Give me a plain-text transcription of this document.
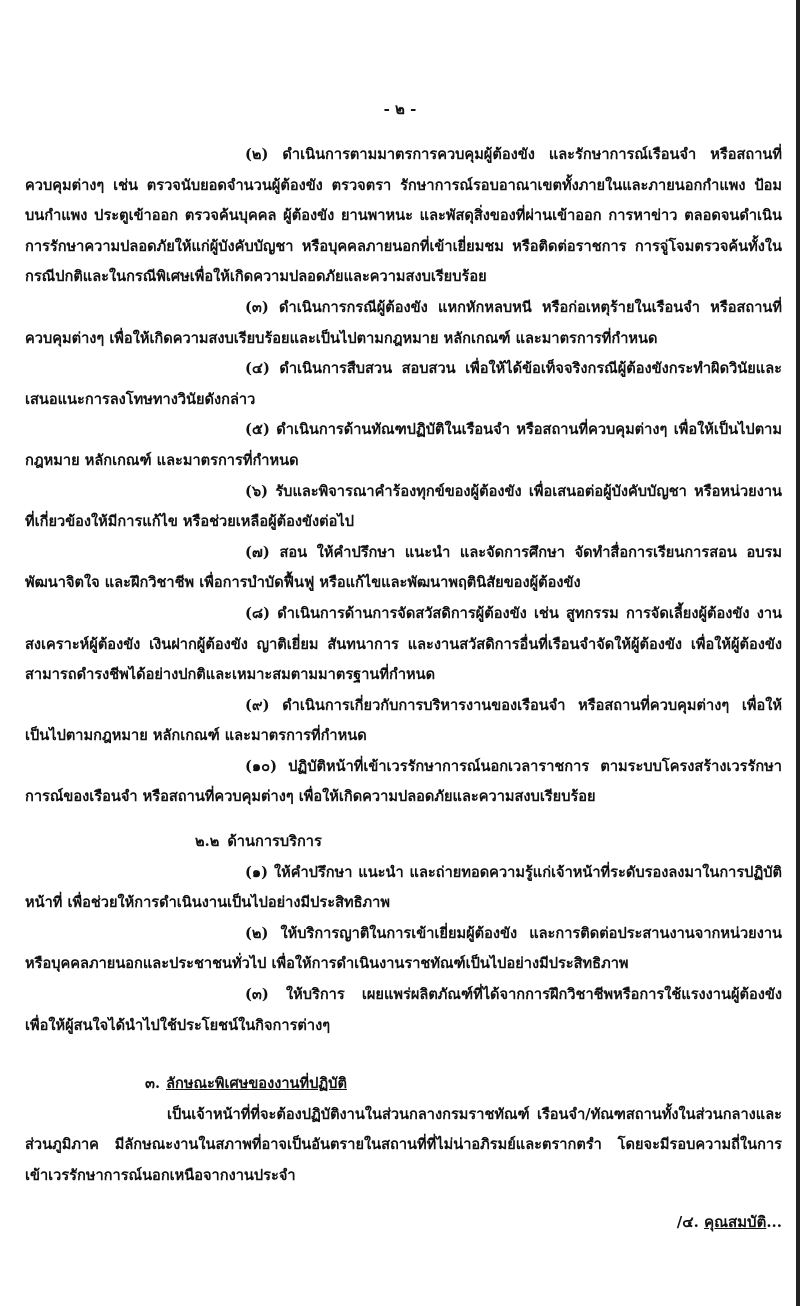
- ๒ -

(๒) ดำเนินการตามมาตรการควบคุมผู้ต้องขัง และรักษาการณ์เรือนจำ หรือสถานที่ควบคุมต่างๆ เช่น ตรวจนับยอดจำนวนผู้ต้องขัง ตรวจตรา รักษาการณ์รอบอาณาเขตทั้งภายในและภายนอกกำแพง ป้อมบนกำแพง ประตูเข้าออก ตรวจค้นบุคคล ผู้ต้องขัง ยานพาหนะ และพัสดุสิ่งของที่ผ่านเข้าออก การหาข่าว ตลอดจนดำเนินการรักษาความปลอดภัยให้แก่ผู้บังคับบัญชา หรือบุคคลภายนอกที่เข้าเยี่ยมชม หรือติดต่อราชการ การจู่โจมตรวจค้นทั้งในกรณีปกติและในกรณีพิเศษเพื่อให้เกิดความปลอดภัยและความสงบเรียบร้อย

(๓) ดำเนินการกรณีผู้ต้องขัง แหกหักหลบหนี หรือก่อเหตุร้ายในเรือนจำ หรือสถานที่ควบคุมต่างๆ เพื่อให้เกิดความสงบเรียบร้อยและเป็นไปตามกฎหมาย หลักเกณฑ์ และมาตรการที่กำหนด

(๔) ดำเนินการสืบสวน สอบสวน เพื่อให้ได้ข้อเท็จจริงกรณีผู้ต้องขังกระทำผิดวินัยและเสนอแนะการลงโทษทางวินัยดังกล่าว

(๕) ดำเนินการด้านทัณฑปฏิบัติในเรือนจำ หรือสถานที่ควบคุมต่างๆ เพื่อให้เป็นไปตามกฎหมาย หลักเกณฑ์ และมาตรการที่กำหนด

(๖) รับและพิจารณาคำร้องทุกข์ของผู้ต้องขัง เพื่อเสนอต่อผู้บังคับบัญชา หรือหน่วยงานที่เกี่ยวข้องให้มีการแก้ไข หรือช่วยเหลือผู้ต้องขังต่อไป

(๗) สอน ให้คำปรึกษา แนะนำ และจัดการศึกษา จัดทำสื่อการเรียนการสอน อบรมพัฒนาจิตใจ และฝึกวิชาชีพ เพื่อการบำบัดฟื้นฟู หรือแก้ไขและพัฒนาพฤตินิสัยของผู้ต้องขัง

(๘) ดำเนินการด้านการจัดสวัสดิการผู้ต้องขัง เช่น สูทกรรม การจัดเลี้ยงผู้ต้องขัง งานสงเคราะห์ผู้ต้องขัง เงินฝากผู้ต้องขัง ญาติเยี่ยม สันทนาการ และงานสวัสดิการอื่นที่เรือนจำจัดให้ผู้ต้องขัง เพื่อให้ผู้ต้องขังสามารถดำรงชีพได้อย่างปกติและเหมาะสมตามมาตรฐานที่กำหนด

(๙) ดำเนินการเกี่ยวกับการบริหารงานของเรือนจำ หรือสถานที่ควบคุมต่างๆ เพื่อให้เป็นไปตามกฎหมาย หลักเกณฑ์ และมาตรการที่กำหนด

(๑๐) ปฏิบัติหน้าที่เข้าเวรรักษาการณ์นอกเวลาราชการ ตามระบบโครงสร้างเวรรักษาการณ์ของเรือนจำ หรือสถานที่ควบคุมต่างๆ เพื่อให้เกิดความปลอดภัยและความสงบเรียบร้อย

๒.๒ ด้านการบริการ

(๑) ให้คำปรึกษา แนะนำ และถ่ายทอดความรู้แก่เจ้าหน้าที่ระดับรองลงมาในการปฏิบัติหน้าที่ เพื่อช่วยให้การดำเนินงานเป็นไปอย่างมีประสิทธิภาพ

(๒) ให้บริการญาติในการเข้าเยี่ยมผู้ต้องขัง และการติดต่อประสานงานจากหน่วยงานหรือบุคคลภายนอกและประชาชนทั่วไป เพื่อให้การดำเนินงานราชทัณฑ์เป็นไปอย่างมีประสิทธิภาพ

(๓) ให้บริการ เผยแพร่ผลิตภัณฑ์ที่ได้จากการฝึกวิชาชีพหรือการใช้แรงงานผู้ต้องขัง เพื่อให้ผู้สนใจได้นำไปใช้ประโยชน์ในกิจการต่างๆ

๓. ลักษณะพิเศษของงานที่ปฏิบัติ

เป็นเจ้าหน้าที่ที่จะต้องปฏิบัติงานในส่วนกลางกรมราชทัณฑ์ เรือนจำ/ทัณฑสถานทั้งในส่วนกลางและส่วนภูมิภาค มีลักษณะงานในสภาพที่อาจเป็นอันตรายในสถานที่ที่ไม่น่าอภิรมย์และตรากตรำ โดยจะมีรอบความถี่ในการเข้าเวรรักษาการณ์นอกเหนือจากงานประจำ

/๔. คุณสมบัติ...
